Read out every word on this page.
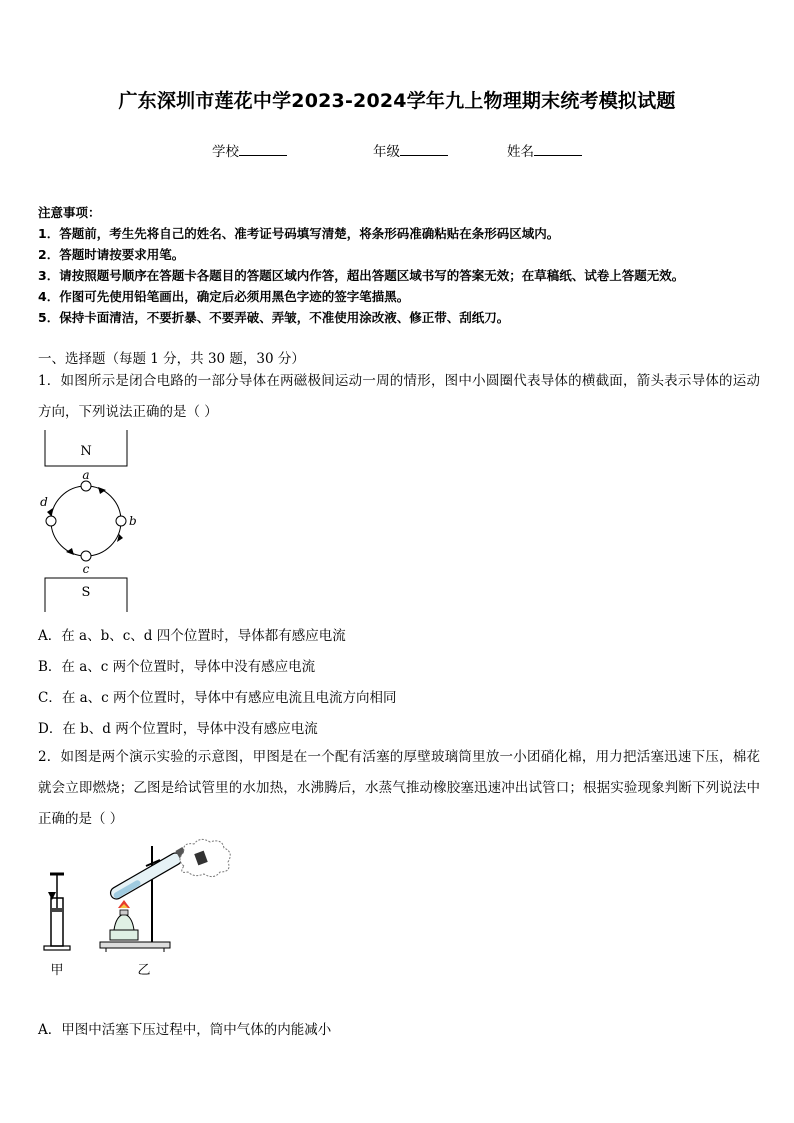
广东深圳市莲花中学2023-2024学年九上物理期末统考模拟试题
学校	年级	姓名
注意事项：
1．答题前，考生先将自己的姓名、准考证号码填写清楚，将条形码准确粘贴在条形码区域内。
2．答题时请按要求用笔。
3．请按照题号顺序在答题卡各题目的答题区域内作答，超出答题区域书写的答案无效；在草稿纸、试卷上答题无效。
4．作图可先使用铅笔画出，确定后必须用黑色字迹的签字笔描黑。
5．保持卡面清洁，不要折暴、不要弄破、弄皱，不准使用涂改液、修正带、刮纸刀。
一、选择题（每题 1 分，共 30 题，30 分）
1．如图所示是闭合电路的一部分导体在两磁极间运动一周的情形，图中小圆圈代表导体的横截面，箭头表示导体的运动方向，下列说法正确的是（ ）
N
S
a
b
c
d
A．在 a、b、c、d 四个位置时，导体都有感应电流
B．在 a、c 两个位置时，导体中没有感应电流
C．在 a、c 两个位置时，导体中有感应电流且电流方向相同
D．在 b、d 两个位置时，导体中没有感应电流
2．如图是两个演示实验的示意图，甲图是在一个配有活塞的厚壁玻璃筒里放一小团硝化棉，用力把活塞迅速下压，棉花就会立即燃烧；乙图是给试管里的水加热，水沸腾后，水蒸气推动橡胶塞迅速冲出试管口；根据实验现象判断下列说法中正确的是（ ）
甲	乙
A．甲图中活塞下压过程中，筒中气体的内能减小
